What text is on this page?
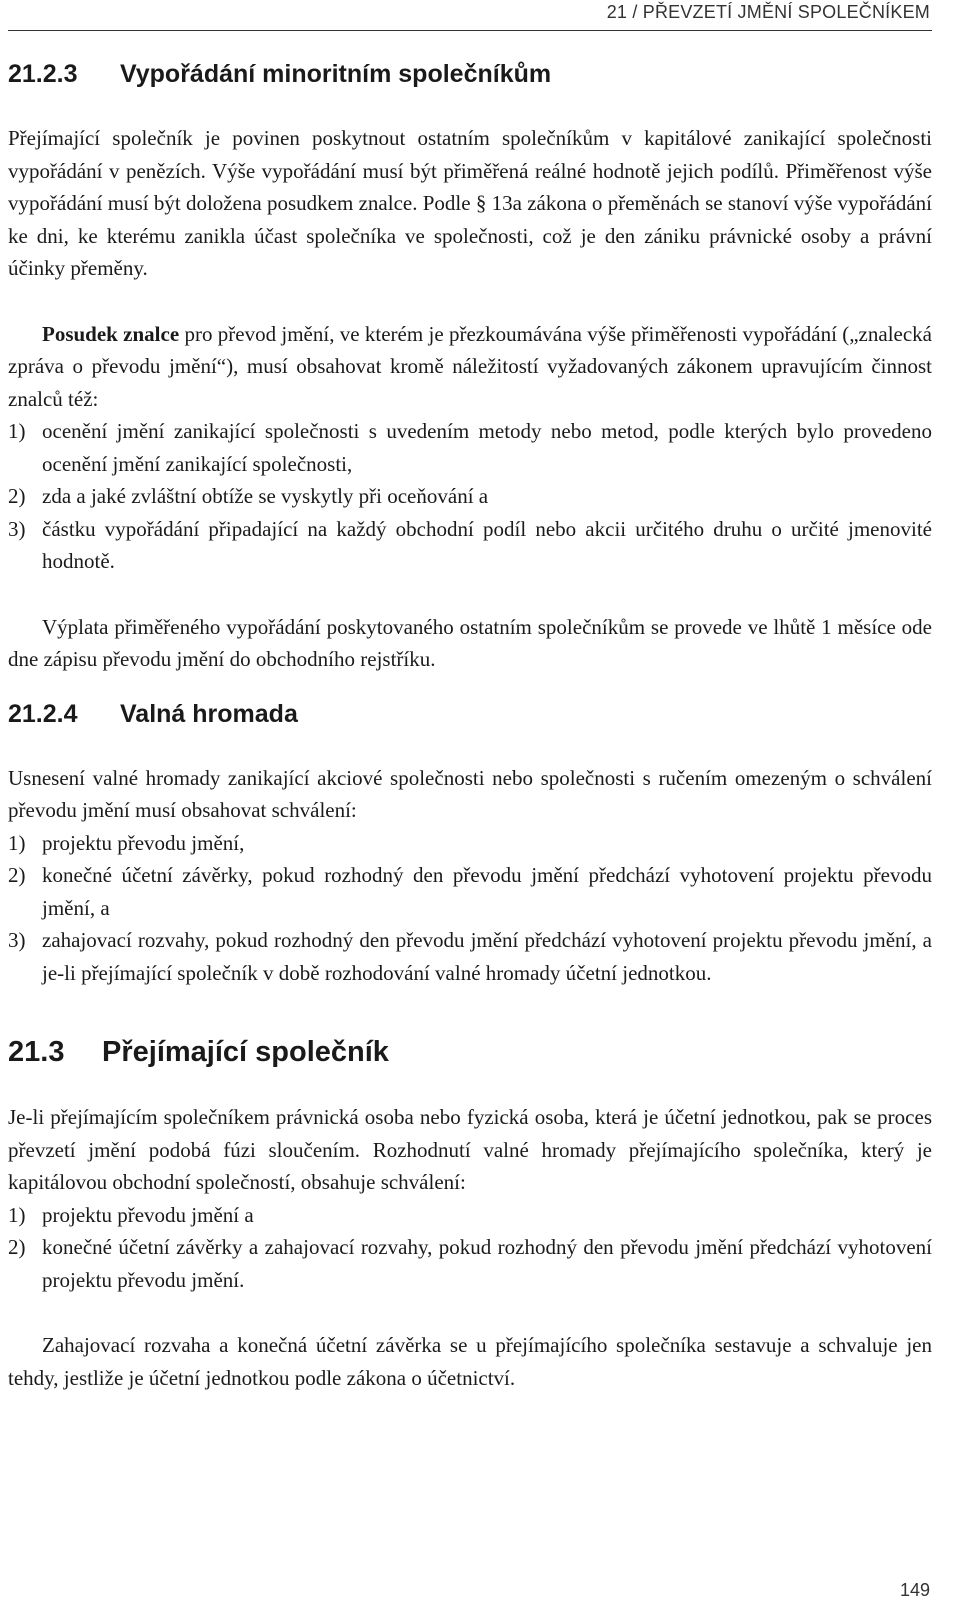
21 / PŘEVZETÍ JMĚNÍ SPOLEČNÍKEM
21.2.3 Vypořádání minoritním společníkům

Přejímající společník je povinen poskytnout ostatním společníkům v kapitálové zanikající společnosti vypořádání v penězích. Výše vypořádání musí být přiměřená reálné hodnotě jejich podílů. Přiměřenost výše vypořádání musí být doložena posudkem znalce. Podle § 13a zákona o přeměnách se stanoví výše vypořádání ke dni, ke kterému zanikla účast společníka ve společnosti, což je den zániku právnické osoby a právní účinky přeměny.

Posudek znalce pro převod jmění, ve kterém je přezkoumávána výše přiměřenosti vypořádání („znalecká zpráva o převodu jmění“), musí obsahovat kromě náležitostí vyžadovaných zákonem upravujícím činnost znalců též:

1) ocenění jmění zanikající společnosti s uvedením metody nebo metod, podle kterých bylo provedeno ocenění jmění zanikající společnosti,
2) zda a jaké zvláštní obtíže se vyskytly při oceňování a
3) částku vypořádání připadající na každý obchodní podíl nebo akcii určitého druhu o určité jmenovité hodnotě.

Výplata přiměřeného vypořádání poskytovaného ostatním společníkům se provede ve lhůtě 1 měsíce ode dne zápisu převodu jmění do obchodního rejstříku.

21.2.4 Valná hromada

Usnesení valné hromady zanikající akciové společnosti nebo společnosti s ručením omezeným o schválení převodu jmění musí obsahovat schválení:

1) projektu převodu jmění,
2) konečné účetní závěrky, pokud rozhodný den převodu jmění předchází vyhotovení projektu převodu jmění, a
3) zahajovací rozvahy, pokud rozhodný den převodu jmění předchází vyhotovení projektu převodu jmění, a je-li přejímající společník v době rozhodování valné hromady účetní jednotkou.
21.3 Přejímající společník

Je-li přejímajícím společníkem právnická osoba nebo fyzická osoba, která je účetní jednotkou, pak se proces převzetí jmění podobá fúzi sloučením. Rozhodnutí valné hromady přejímajícího společníka, který je kapitálovou obchodní společností, obsahuje schválení:

1) projektu převodu jmění a
2) konečné účetní závěrky a zahajovací rozvahy, pokud rozhodný den převodu jmění předchází vyhotovení projektu převodu jmění.

Zahajovací rozvaha a konečná účetní závěrka se u přejímajícího společníka sestavuje a schvaluje jen tehdy, jestliže je účetní jednotkou podle zákona o účetnictví.

149
